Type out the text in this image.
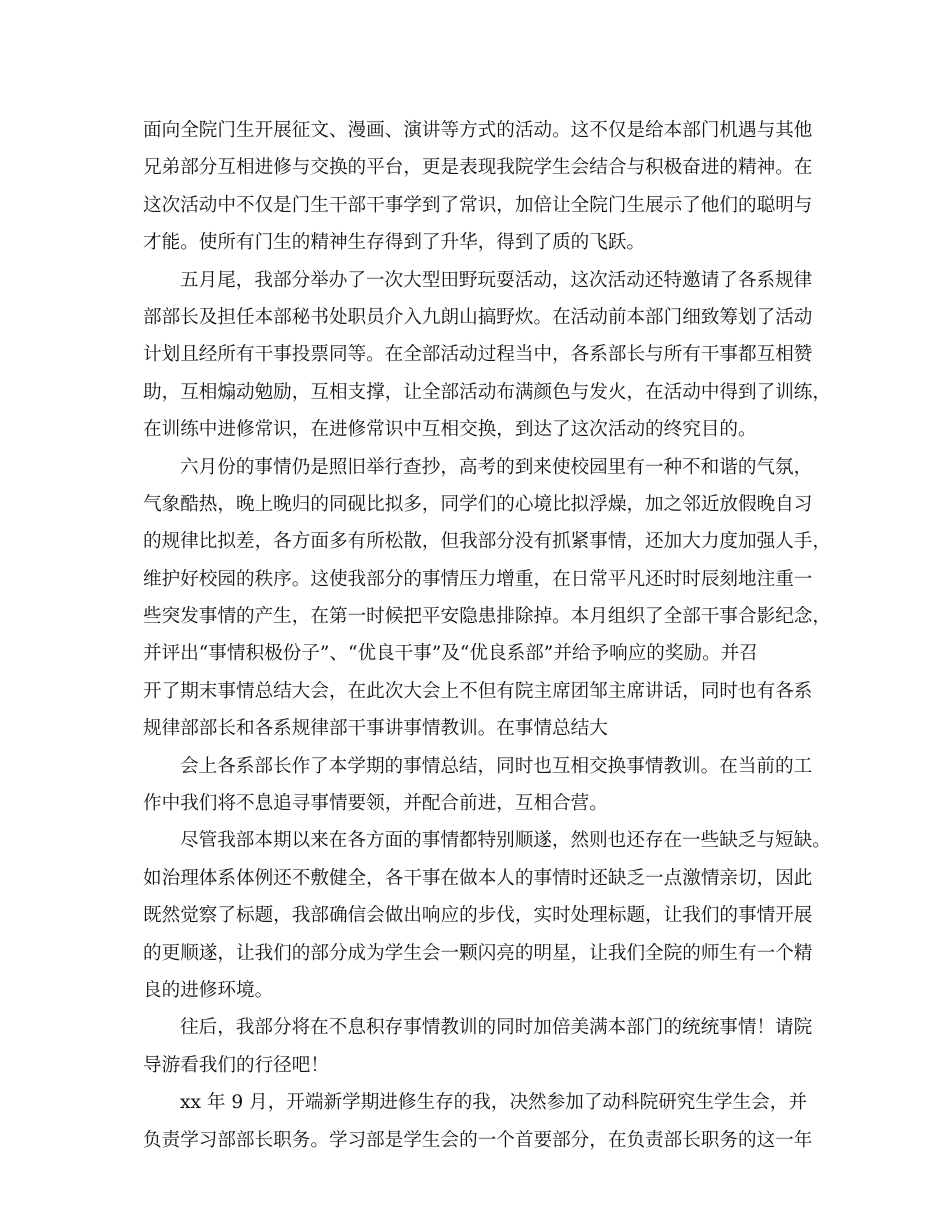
面向全院门生开展征文、漫画、演讲等方式的活动。这不仅是给本部门机遇与其他
兄弟部分互相进修与交换的平台，更是表现我院学生会结合与积极奋进的精神。在
这次活动中不仅是门生干部干事学到了常识，加倍让全院门生展示了他们的聪明与
才能。使所有门生的精神生存得到了升华，得到了质的飞跃。
五月尾，我部分举办了一次大型田野玩耍活动，这次活动还特邀请了各系规律
部部长及担任本部秘书处职员介入九朗山搞野炊。在活动前本部门细致筹划了活动
计划且经所有干事投票同等。在全部活动过程当中，各系部长与所有干事都互相赞
助，互相煽动勉励，互相支撑，让全部活动布满颜色与发火，在活动中得到了训练，
在训练中进修常识，在进修常识中互相交换，到达了这次活动的终究目的。
六月份的事情仍是照旧举行查抄，高考的到来使校园里有一种不和谐的气氛，
气象酷热，晚上晚归的同砚比拟多，同学们的心境比拟浮燥，加之邻近放假晚自习
的规律比拟差，各方面多有所松散，但我部分没有抓紧事情，还加大力度加强人手，
维护好校园的秩序。这使我部分的事情压力增重，在日常平凡还时时辰刻地注重一
些突发事情的产生，在第一时候把平安隐患排除掉。本月组织了全部干事合影纪念，
并评出“事情积极份子”、“优良干事”及“优良系部”并给予响应的奖励。并召
开了期末事情总结大会，在此次大会上不但有院主席团邹主席讲话，同时也有各系
规律部部长和各系规律部干事讲事情教训。在事情总结大
会上各系部长作了本学期的事情总结，同时也互相交换事情教训。在当前的工
作中我们将不息追寻事情要领，并配合前进，互相合营。
尽管我部本期以来在各方面的事情都特别顺遂，然则也还存在一些缺乏与短缺。
如治理体系体例还不敷健全，各干事在做本人的事情时还缺乏一点激情亲切，因此
既然觉察了标题，我部确信会做出响应的步伐，实时处理标题，让我们的事情开展
的更顺遂，让我们的部分成为学生会一颗闪亮的明星，让我们全院的师生有一个精
良的进修环境。
往后，我部分将在不息积存事情教训的同时加倍美满本部门的统统事情！请院
导游看我们的行径吧！
xx 年 9 月，开端新学期进修生存的我，决然参加了动科院研究生学生会，并
负责学习部部长职务。学习部是学生会的一个首要部分，在负责部长职务的这一年
